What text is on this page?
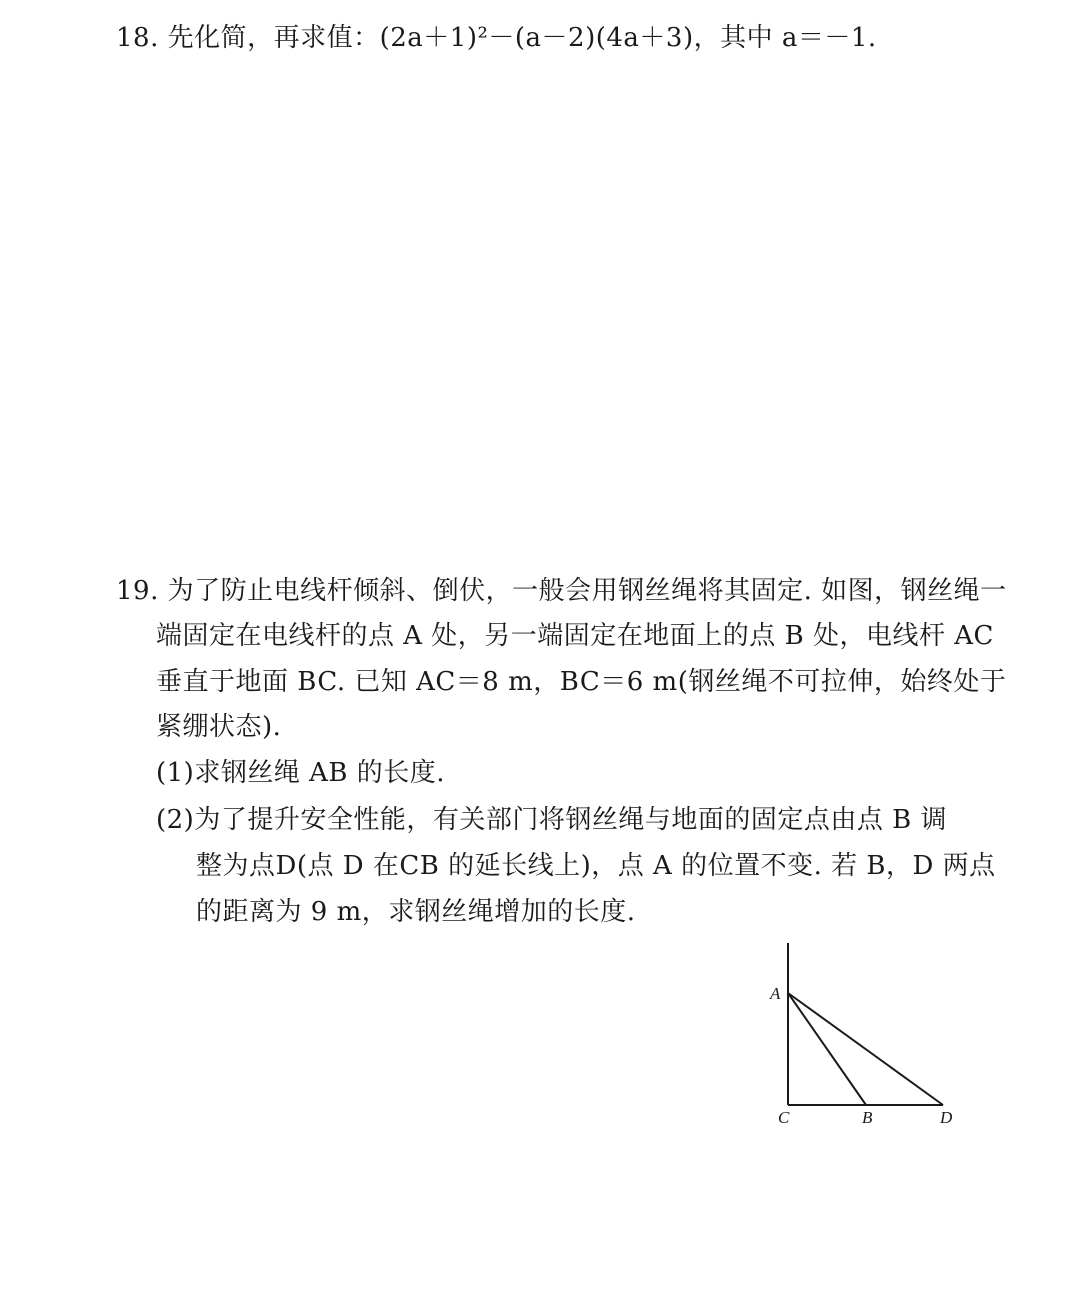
18. 先化简，再求值：(2a＋1)²－(a－2)(4a＋3)，其中 a＝－1.
19. 为了防止电线杆倾斜、倒伏，一般会用钢丝绳将其固定. 如图，钢丝绳一
端固定在电线杆的点 A 处，另一端固定在地面上的点 B 处，电线杆 AC
垂直于地面 BC. 已知 AC＝8 m，BC＝6 m(钢丝绳不可拉伸，始终处于
紧绷状态).
(1)求钢丝绳 AB 的长度.
(2)为了提升安全性能，有关部门将钢丝绳与地面的固定点由点 B 调
整为点D(点 D 在CB 的延长线上)，点 A 的位置不变. 若 B，D 两点
的距离为 9 m，求钢丝绳增加的长度.
A
C	B	D
